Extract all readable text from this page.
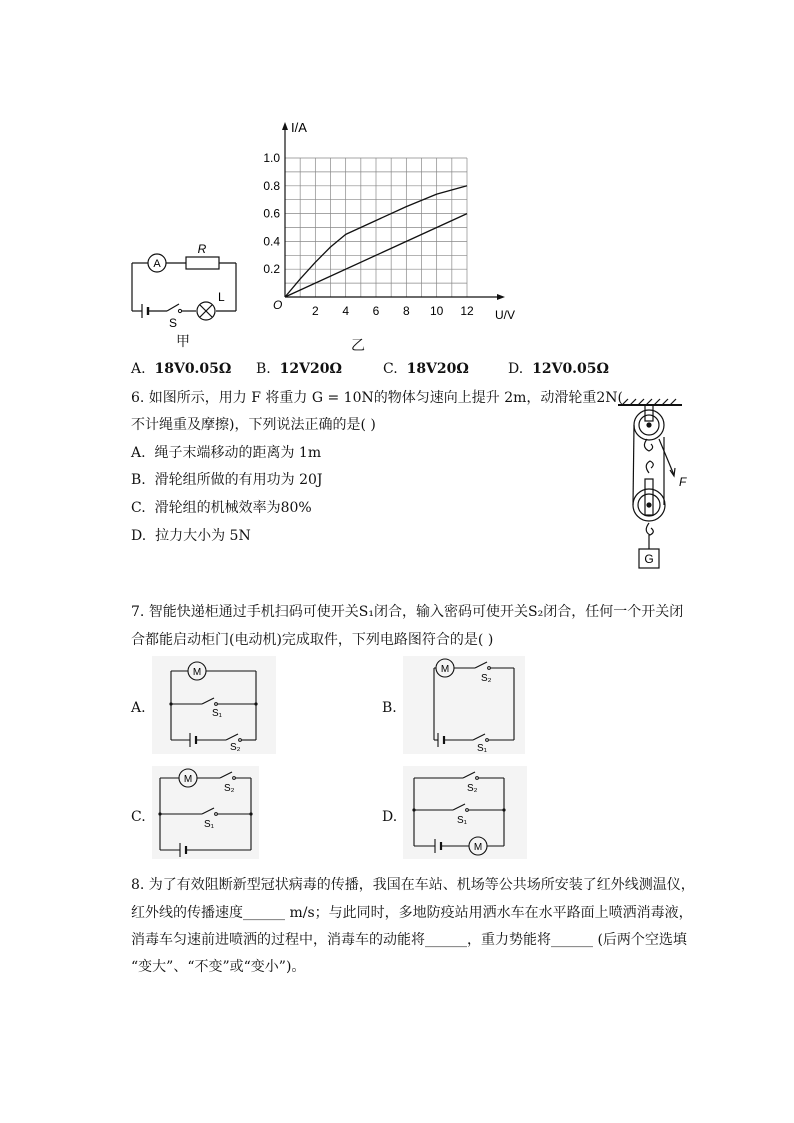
A
R
S
L
甲
2 4 6 8 10 12
0.2
0.4
0.6
0.8
1.0
O
U/V
I/A
乙
A. 18V0.05Ω B. 12V20Ω	C. 18V20Ω	D. 12V0.05Ω
6. 如图所示，用力 F 将重力 G = 10N的物体匀速向上提升 2m，动滑轮重2N(
不计绳重及摩擦)，下列说法正确的是( )
A. 绳子末端移动的距离为 1m
B. 滑轮组所做的有用功为 20J
C. 滑轮组的机械效率为80%
D. 拉力大小为 5N
F
G
7. 智能快递柜通过手机扫码可使开关S₁闭合，输入密码可使开关S₂闭合，任何一个开关闭
合都能启动柜门(电动机)完成取件，下列电路图符合的是( )
A.
M
S₁
S₂
B.
M
S₂
S₁
C.
M
S₂
S₁	D.
M
S₂
S₁
8. 为了有效阻断新型冠状病毒的传播，我国在车站、机场等公共场所安装了红外线测温仪，
红外线的传播速度______ m/s；与此同时，多地防疫站用洒水车在水平路面上喷洒消毒液，
消毒车匀速前进喷洒的过程中，消毒车的动能将______，重力势能将______ (后两个空选填
“变大”、“不变”或“变小”)。
